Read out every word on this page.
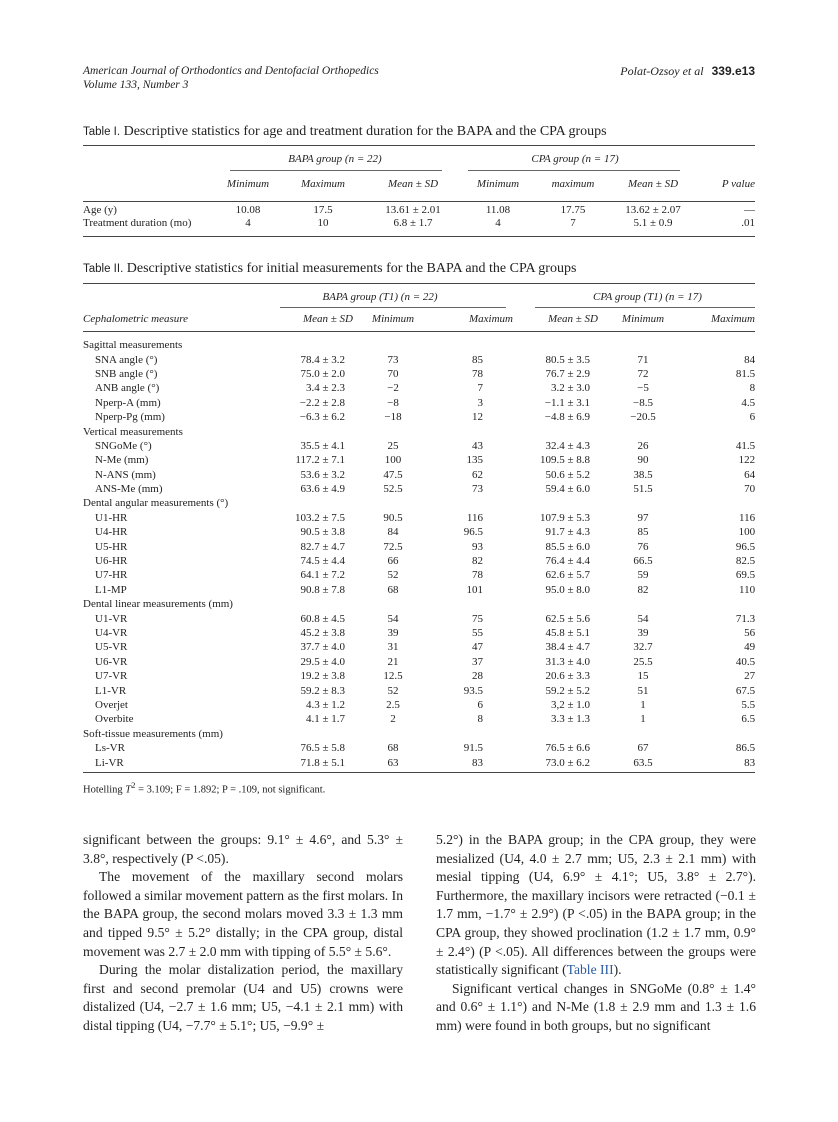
American Journal of Orthodontics and Dentofacial Orthopedics
Volume 133, Number 3
Polat-Ozsoy et al 339.e13
Table I. Descriptive statistics for age and treatment duration for the BAPA and the CPA groups
BAPA group (n = 22)	CPA group (n = 17)
	Minimum	Maximum	Mean ± SD	Minimum	maximum	Mean ± SD	P value

Age (y)	10.08	17.5	13.61 ± 2.01	11.08	17.75	13.62 ± 2.07	—
Treatment duration (mo)	4	10	6.8 ± 1.7	4	7	5.1 ± 0.9	.01
Table II. Descriptive statistics for initial measurements for the BAPA and the CPA groups
BAPA group (T1) (n = 22)	CPA group (T1) (n = 17)
Cephalometric measure	Mean ± SD	Minimum	Maximum	Mean ± SD	Minimum	Maximum
Sagittal measurements						
SNA angle (°)	78.4 ± 3.2	73	85	80.5 ± 3.5	71	84
SNB angle (°)	75.0 ± 2.0	70	78	76.7 ± 2.9	72	81.5
ANB angle (°)	3.4 ± 2.3	−2	7	3.2 ± 3.0	−5	8
Nperp-A (mm)	−2.2 ± 2.8	−8	3	−1.1 ± 3.1	−8.5	4.5
Nperp-Pg (mm)	−6.3 ± 6.2	−18	12	−4.8 ± 6.9	−20.5	6
Vertical measurements						
SNGoMe (°)	35.5 ± 4.1	25	43	32.4 ± 4.3	26	41.5
N-Me (mm)	117.2 ± 7.1	100	135	109.5 ± 8.8	90	122
N-ANS (mm)	53.6 ± 3.2	47.5	62	50.6 ± 5.2	38.5	64
ANS-Me (mm)	63.6 ± 4.9	52.5	73	59.4 ± 6.0	51.5	70
Dental angular measurements (°)						
U1-HR	103.2 ± 7.5	90.5	116	107.9 ± 5.3	97	116
U4-HR	90.5 ± 3.8	84	96.5	91.7 ± 4.3	85	100
U5-HR	82.7 ± 4.7	72.5	93	85.5 ± 6.0	76	96.5
U6-HR	74.5 ± 4.4	66	82	76.4 ± 4.4	66.5	82.5
U7-HR	64.1 ± 7.2	52	78	62.6 ± 5.7	59	69.5
L1-MP	90.8 ± 7.8	68	101	95.0 ± 8.0	82	110
Dental linear measurements (mm)						
U1-VR	60.8 ± 4.5	54	75	62.5 ± 5.6	54	71.3
U4-VR	45.2 ± 3.8	39	55	45.8 ± 5.1	39	56
U5-VR	37.7 ± 4.0	31	47	38.4 ± 4.7	32.7	49
U6-VR	29.5 ± 4.0	21	37	31.3 ± 4.0	25.5	40.5
U7-VR	19.2 ± 3.8	12.5	28	20.6 ± 3.3	15	27
L1-VR	59.2 ± 8.3	52	93.5	59.2 ± 5.2	51	67.5
Overjet	4.3 ± 1.2	2.5	6	3,2 ± 1.0	1	5.5
Overbite	4.1 ± 1.7	2	8	3.3 ± 1.3	1	6.5
Soft-tissue measurements (mm)						
Ls-VR	76.5 ± 5.8	68	91.5	76.5 ± 6.6	67	86.5
Li-VR	71.8 ± 5.1	63	83	73.0 ± 6.2	63.5	83
Hotelling $T^2 = 3.109$; F = 1.892; P = .109, not significant.

significant between the groups: 9.1° ± 4.6°, and 5.3° ± 3.8°, respectively (P <.05).

The movement of the maxillary second molars followed a similar movement pattern as the first molars. In the BAPA group, the second molars moved 3.3 ± 1.3 mm and tipped 9.5° ± 5.2° distally; in the CPA group, distal movement was 2.7 ± 2.0 mm with tipping of 5.5° ± 5.6°.

During the molar distalization period, the maxillary first and second premolar (U4 and U5) crowns were distalized (U4, −2.7 ± 1.6 mm; U5, −4.1 ± 2.1 mm) with distal tipping (U4, −7.7° ± 5.1°; U5, −9.9° ±

5.2°) in the BAPA group; in the CPA group, they were mesialized (U4, 4.0 ± 2.7 mm; U5, 2.3 ± 2.1 mm) with mesial tipping (U4, 6.9° ± 4.1°; U5, 3.8° ± 2.7°). Furthermore, the maxillary incisors were retracted (−0.1 ± 1.7 mm, −1.7° ± 2.9°) (P <.05) in the BAPA group; in the CPA group, they showed proclination (1.2 ± 1.7 mm, 0.9° ± 2.4°) (P <.05). All differences between the groups were statistically significant (Table III).

Significant vertical changes in SNGoMe (0.8° ± 1.4° and 0.6° ± 1.1°) and N-Me (1.8 ± 2.9 mm and 1.3 ± 1.6 mm) were found in both groups, but no significant
